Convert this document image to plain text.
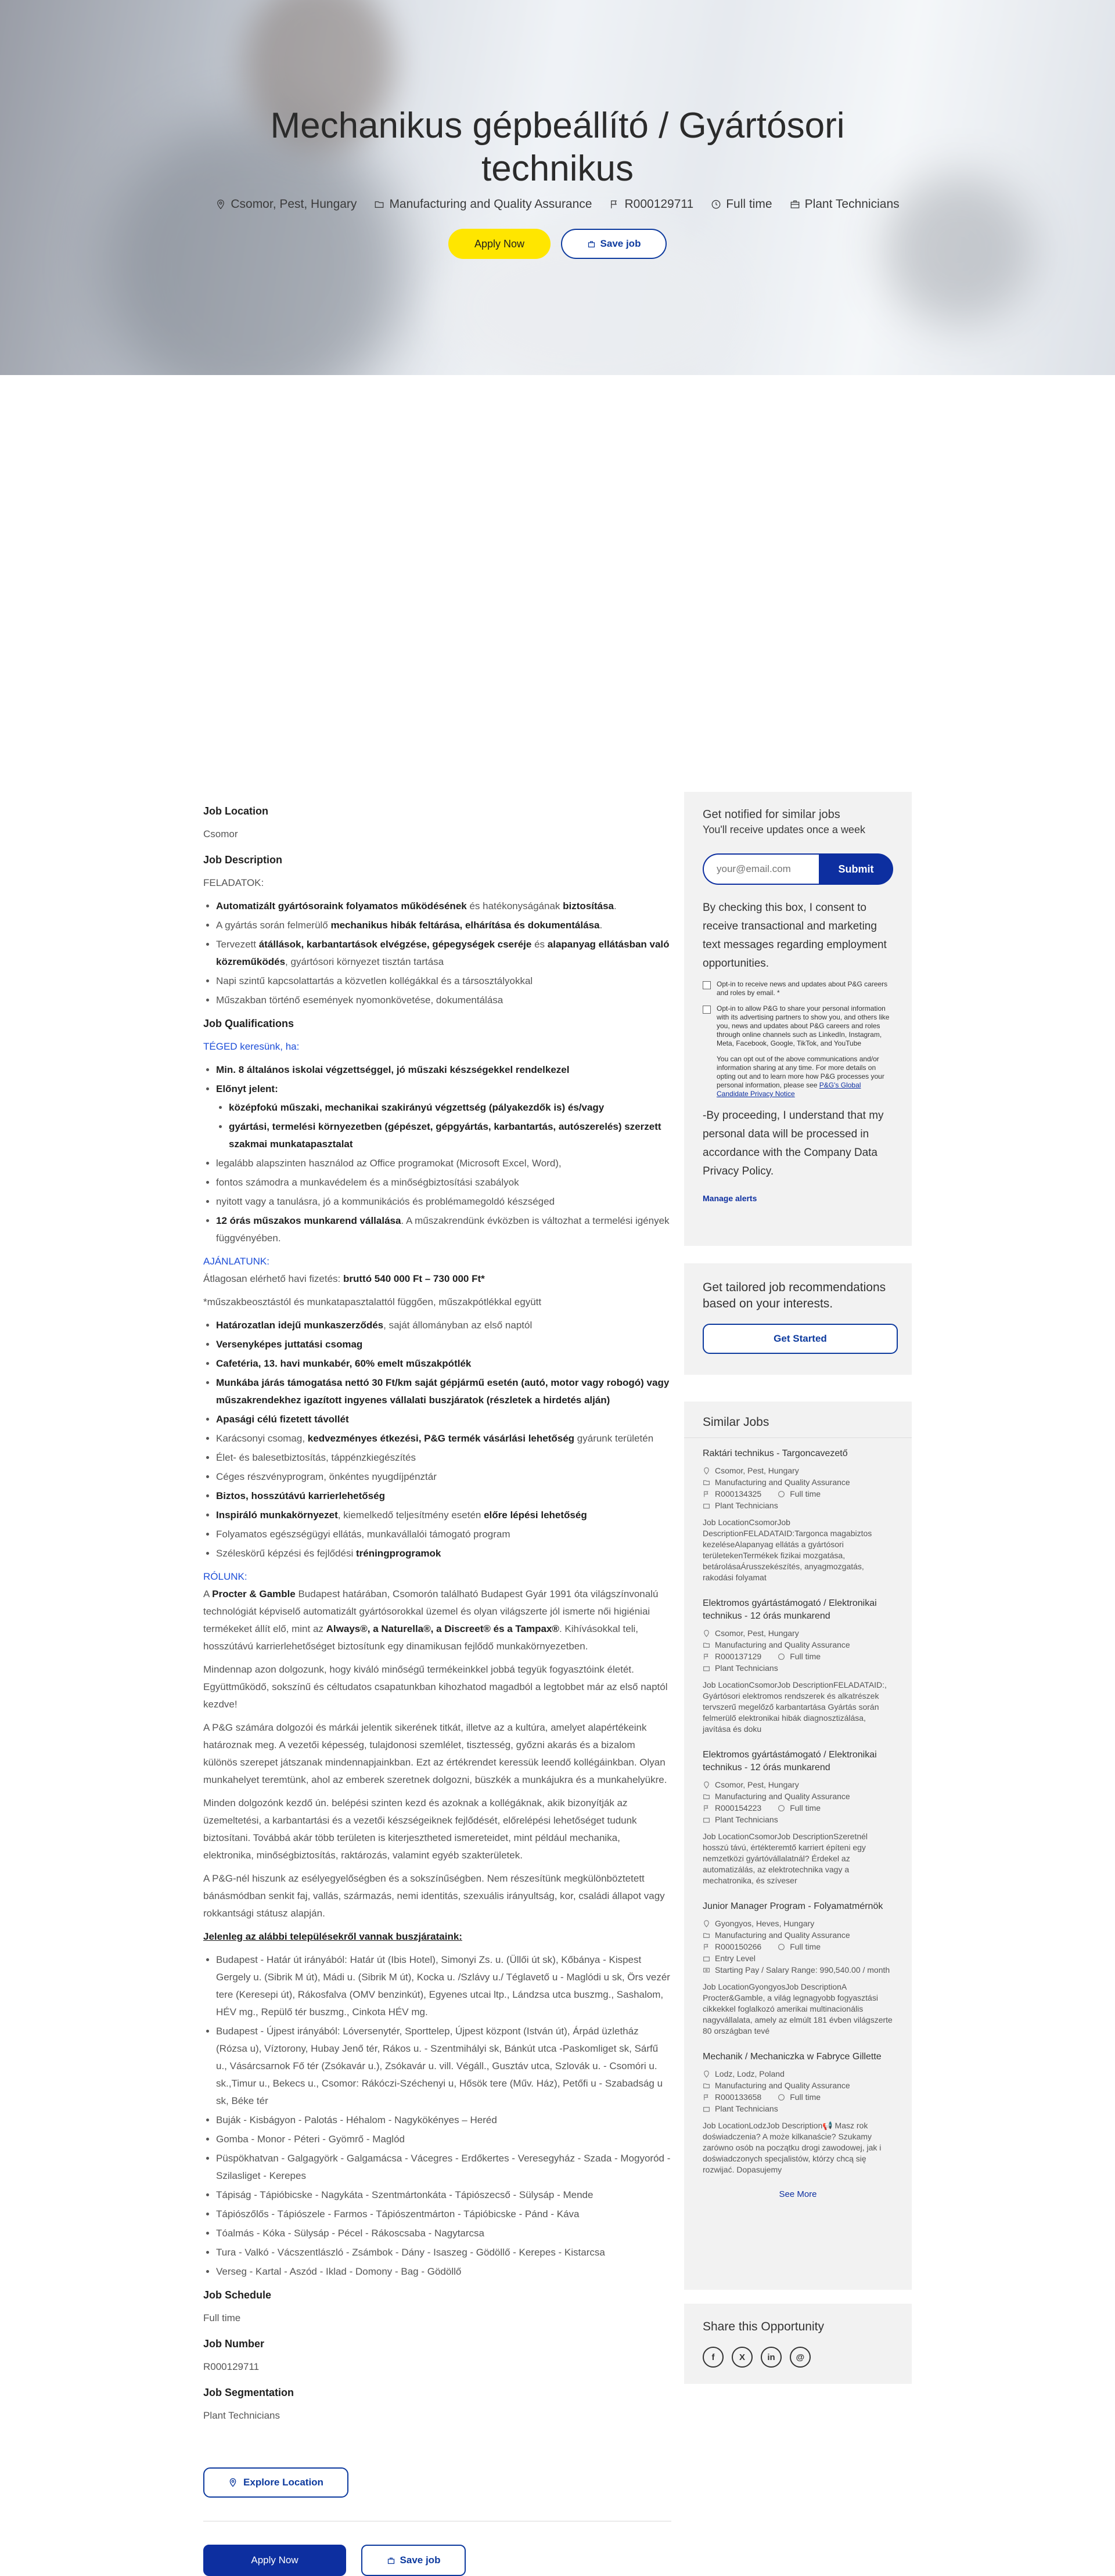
Mechanikus gépbeállító / Gyártósori technikus
Csomor, Pest, Hungary	Manufacturing and Quality Assurance	R000129711	Full time	Plant Technicians
Apply Now	Save job
Job Location

Csomor

Job Description

FELADATOK:

• Automatizált gyártósoraink folyamatos működésének és hatékonyságának biztosítása.
• A gyártás során felmerülő mechanikus hibák feltárása, elhárítása és dokumentálása.
• Tervezett átállások, karbantartások elvégzése, gépegységek cseréje és alapanyag ellátásban való közreműködés, gyártósori környezet tisztán tartása
• Napi szintű kapcsolattartás a közvetlen kollégákkal és a társosztályokkal
• Műszakban történő események nyomonkövetése, dokumentálása
Job Qualifications

TÉGED keresünk, ha:

• Min. 8 általános iskolai végzettséggel, jó műszaki készségekkel rendelkezel
• Előnyt jelent:
• középfokú műszaki, mechanikai szakirányú végzettség (pályakezdők is) és/vagy
• gyártási, termelési környezetben (gépészet, gépgyártás, karbantartás, autószerelés) szerzett szakmai munkatapasztalat
• legalább alapszinten használod az Office programokat (Microsoft Excel, Word),
• fontos számodra a munkavédelem és a minőségbiztosítási szabályok
• nyitott vagy a tanulásra, jó a kommunikációs és problémamegoldó készséged
• 12 órás műszakos munkarend vállalása. A műszakrendünk évközben is változhat a termelési igények függvényében.

AJÁNLATUNK:

Átlagosan elérhető havi fizetés: bruttó 540 000 Ft – 730 000 Ft*

*műszakbeosztástól és munkatapasztalattól függően, műszakpótlékkal együtt

• Határozatlan idejű munkaszerződés, saját állományban az első naptól
• Versenyképes juttatási csomag
• Cafetéria, 13. havi munkabér, 60% emelt műszakpótlék
• Munkába járás támogatása nettó 30 Ft/km saját gépjármű esetén (autó, motor vagy robogó) vagy műszakrendekhez igazított ingyenes vállalati buszjáratok (részletek a hirdetés alján)
• Apasági célú fizetett távollét
• Karácsonyi csomag, kedvezményes étkezési, P&G termék vásárlási lehetőség gyárunk területén
• Élet- és balesetbiztosítás, táppénzkiegészítés
• Céges részvényprogram, önkéntes nyugdíjpénztár
• Biztos, hosszútávú karrierlehetőség
• Inspiráló munkakörnyezet, kiemelkedő teljesítmény esetén előre lépési lehetőség
• Folyamatos egészségügyi ellátás, munkavállalói támogató program
• Széleskörű képzési és fejlődési tréningprogramok

RÓLUNK:

A Procter & Gamble Budapest határában, Csomorón található Budapest Gyár 1991 óta világszínvonalú technológiát képviselő automatizált gyártósorokkal üzemel és olyan világszerte jól ismerte női higiéniai termékeket állít elő, mint az Always®, a Naturella®, a Discreet® és a Tampax®. Kihívásokkal teli, hosszútávú karrierlehetőséget biztosítunk egy dinamikusan fejlődő munkakörnyezetben.

Mindennap azon dolgozunk, hogy kiváló minőségű termékeinkkel jobbá tegyük fogyasztóink életét. Együttműködő, sokszínű és céltudatos csapatunkban kihozhatod magadból a legtobbet már az első naptól kezdve!

A P&G számára dolgozói és márkái jelentik sikerének titkát, illetve az a kultúra, amelyet alapértékeink határoznak meg. A vezetői képesség, tulajdonosi szemlélet, tisztesség, győzni akarás és a bizalom különös szerepet játszanak mindennapjainkban. Ezt az értékrendet keressük leendő kollégáinkban. Olyan munkahelyet teremtünk, ahol az emberek szeretnek dolgozni, büszkék a munkájukra és a munkahelyükre.

Minden dolgozónk kezdő ún. belépési szinten kezd és azoknak a kollégáknak, akik bizonyítják az üzemeltetési, a karbantartási és a vezetői készségeiknek fejlődését, előrelépési lehetőséget tudunk biztosítani. Továbbá akár több területen is kiterjesztheted ismereteidet, mint például mechanika, elektronika, minőségbiztosítás, raktározás, valamint egyéb szakterületek.

A P&G-nél hiszunk az esélyegyelőségben és a sokszínűségben. Nem részesítünk megkülönböztetett bánásmódban senkit faj, vallás, származás, nemi identitás, szexuális irányultság, kor, családi állapot vagy rokkantsági státusz alapján.

Jelenleg az alábbi településekről vannak buszjárataink:

• Budapest - Határ út irányából: Határ út (Ibis Hotel), Simonyi Zs. u. (Üllői út sk), Kőbánya - Kispest Gergely u. (Sibrik M út), Mádi u. (Sibrik M út), Kocka u. /Szlávy u./ Téglavető u - Maglódi u sk, Örs vezér tere (Keresepi út), Rákosfalva (OMV benzinkút), Egyenes utcai ltp., Lándzsa utca buszmg., Sashalom, HÉV mg., Repülő tér buszmg., Cinkota HÉV mg.
• Budapest - Újpest irányából: Lóversenytér, Sporttelep, Újpest központ (István út), Árpád üzletház (Rózsa u), Víztorony, Hubay Jenő tér, Rákos u. - Szentmihályi sk, Bánkút utca -Paskomliget sk, Sárfű u., Vásárcsarnok Fő tér (Zsókavár u.), Zsókavár u. vill. Végáll., Gusztáv utca, Szlovák u. - Csomóri u. sk.,Timur u., Bekecs u., Csomor: Rákóczi-Széchenyi u, Hősök tere (Műv. Ház), Petőfi u - Szabadság u sk, Béke tér
• Buják - Kisbágyon - Palotás - Héhalom - Nagykökényes – Heréd
• Gomba - Monor - Péteri - Gyömrő - Maglód
• Püspökhatvan - Galgagyörk - Galgamácsa - Vácegres - Erdőkertes - Veresegyház - Szada - Mogyoród - Szilasliget - Kerepes
• Tápiság - Tápióbicske - Nagykáta - Szentmártonkáta - Tápiószecső - Sülysáp - Mende
• Tápiószőlős - Tápiószele - Farmos - Tápiószentmárton - Tápióbicske - Pánd - Káva
• Tóalmás - Kóka - Sülysáp - Pécel - Rákoscsaba - Nagytarcsa
• Tura - Valkó - Vácszentlászló - Zsámbok - Dány - Isaszeg - Gödöllő - Kerepes - Kistarcsa
• Verseg - Kartal - Aszód - Iklad - Domony - Bag - Gödöllő
Job Schedule

Full time

Job Number

R000129711

Job Segmentation

Plant Technicians

Explore Location
Apply Now	Save job
Get notified for similar jobs
You'll receive updates once a week
your@email.com
Submit
By checking this box, I consent to receive transactional and marketing text messages regarding employment opportunities.
Opt-in to receive news and updates about P&G careers and roles by email. *
Opt-in to allow P&G to share your personal information with its advertising partners to show you, and others like you, news and updates about P&G careers and roles through online channels such as LinkedIn, Instagram, Meta, Facebook, Google, TikTok, and YouTube
You can opt out of the above communications and/or information sharing at any time. For more details on opting out and to learn more how P&G processes your personal information, please see P&G's Global Candidate Privacy Notice
-By proceeding, I understand that my personal data will be processed in accordance with the Company Data Privacy Policy.
Manage alerts
Get tailored job recommendations based on your interests.
Get Started
Similar Jobs
Raktári technikus - Targoncavezető
Csomor, Pest, Hungary
Manufacturing and Quality Assurance
R000134325	Full time
Plant Technicians
Job LocationCsomorJob DescriptionFELADATAID:Targonca magabiztos kezeléseAlapanyag ellátás a gyártósori területekenTermékek fizikai mozgatása, betárolásaÁrusszekészítés, anyagmozgatás, rakodási folyamat
Elektromos gyártástámogató / Elektronikai technikus - 12 órás munkarend
Csomor, Pest, Hungary
Manufacturing and Quality Assurance
R000137129	Full time
Plant Technicians
Job LocationCsomorJob DescriptionFELADATAID:, Gyártósori elektromos rendszerek és alkatrészek tervszerű megelőző karbantartása Gyártás során felmerülő elektronikai hibák diagnosztizálása, javítása és doku
Elektromos gyártástámogató / Elektronikai technikus - 12 órás munkarend
Csomor, Pest, Hungary
Manufacturing and Quality Assurance
R000154223	Full time
Plant Technicians
Job LocationCsomorJob DescriptionSzeretnél hosszú távú, értékteremtő karriert építeni egy nemzetközi gyártóvállalatnál? Érdekel az automatizálás, az elektrotechnika vagy a mechatronika, és szíveser
Junior Manager Program - Folyamatmérnök
Gyongyos, Heves, Hungary
Manufacturing and Quality Assurance
R000150266	Full time
Entry Level
Starting Pay / Salary Range: 990,540.00 / month
Job LocationGyongyosJob DescriptionA Procter&Gamble, a világ legnagyobb fogyasztási cikkekkel foglalkozó amerikai multinacionális nagyvállalata, amely az elmúlt 181 évben világszerte 80 országban tevé
Mechanik / Mechaniczka w Fabryce Gillette
Lodz, Lodz, Poland
Manufacturing and Quality Assurance
R000133658	Full time
Plant Technicians
Job LocationLodzJob Description📢 Masz rok doświadczenia? A może kilkanaście? Szukamy zarówno osób na początku drogi zawodowej, jak i doświadczonych specjalistów, którzy chcą się rozwijać. Dopasujemy
See More
Share this Opportunity
f	X	in	@
